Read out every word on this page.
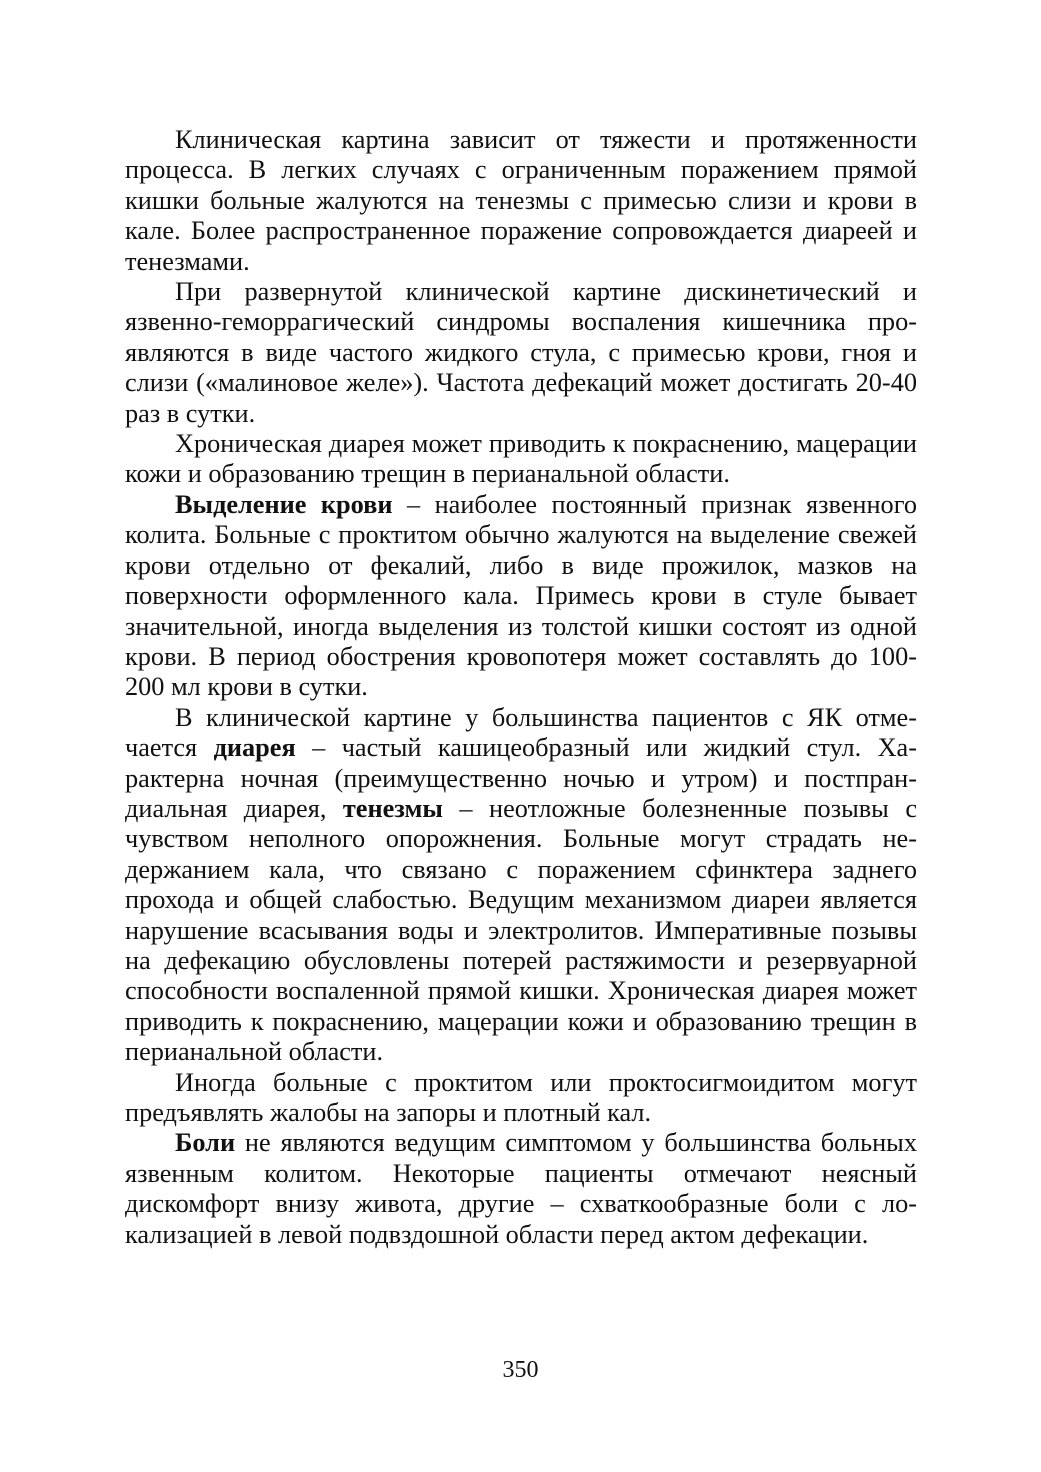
Клиническая картина зависит от тяжести и протяженности процесса. В легких случаях с ограниченным поражением прямой кишки больные жалуются на тенезмы с примесью слизи и крови в кале. Более распространенное поражение сопровождается диареей и тенезмами.

При развернутой клинической картине дискинетический и язвенно-геморрагический синдромы воспаления кишечника проявляются в виде частого жидкого стула, с примесью крови, гноя и слизи («малиновое желе»). Частота дефекаций может достигать 20-40 раз в сутки.

Хроническая диарея может приводить к покраснению, мацерации кожи и образованию трещин в перианальной области.

Выделение крови – наиболее постоянный признак язвенного колита. Больные с проктитом обычно жалуются на выделение свежей крови отдельно от фекалий, либо в виде прожилок, мазков на поверхности оформленного кала. Примесь крови в стуле бывает значительной, иногда выделения из толстой кишки состоят из одной крови. В период обострения кровопотеря может составлять до 100-200 мл крови в сутки.

В клинической картине у большинства пациентов с ЯК отмечается диарея – частый кашицеобразный или жидкий стул. Характерна ночная (преимущественно ночью и утром) и постпрандиальная диарея, тенезмы – неотложные болезненные позывы с чувством неполного опорожнения. Больные могут страдать недержанием кала, что связано с поражением сфинктера заднего прохода и общей слабостью. Ведущим механизмом диареи является нарушение всасывания воды и электролитов. Императивные позывы на дефекацию обусловлены потерей растяжимости и резервуарной способности воспаленной прямой кишки. Хроническая диарея может приводить к покраснению, мацерации кожи и образованию трещин в перианальной области.

Иногда больные с проктитом или проктосигмоидитом могут предъявлять жалобы на запоры и плотный кал.

Боли не являются ведущим симптомом у большинства больных язвенным колитом. Некоторые пациенты отмечают неясный дискомфорт внизу живота, другие – схваткообразные боли с локализацией в левой подвздошной области перед актом дефекации.

350
